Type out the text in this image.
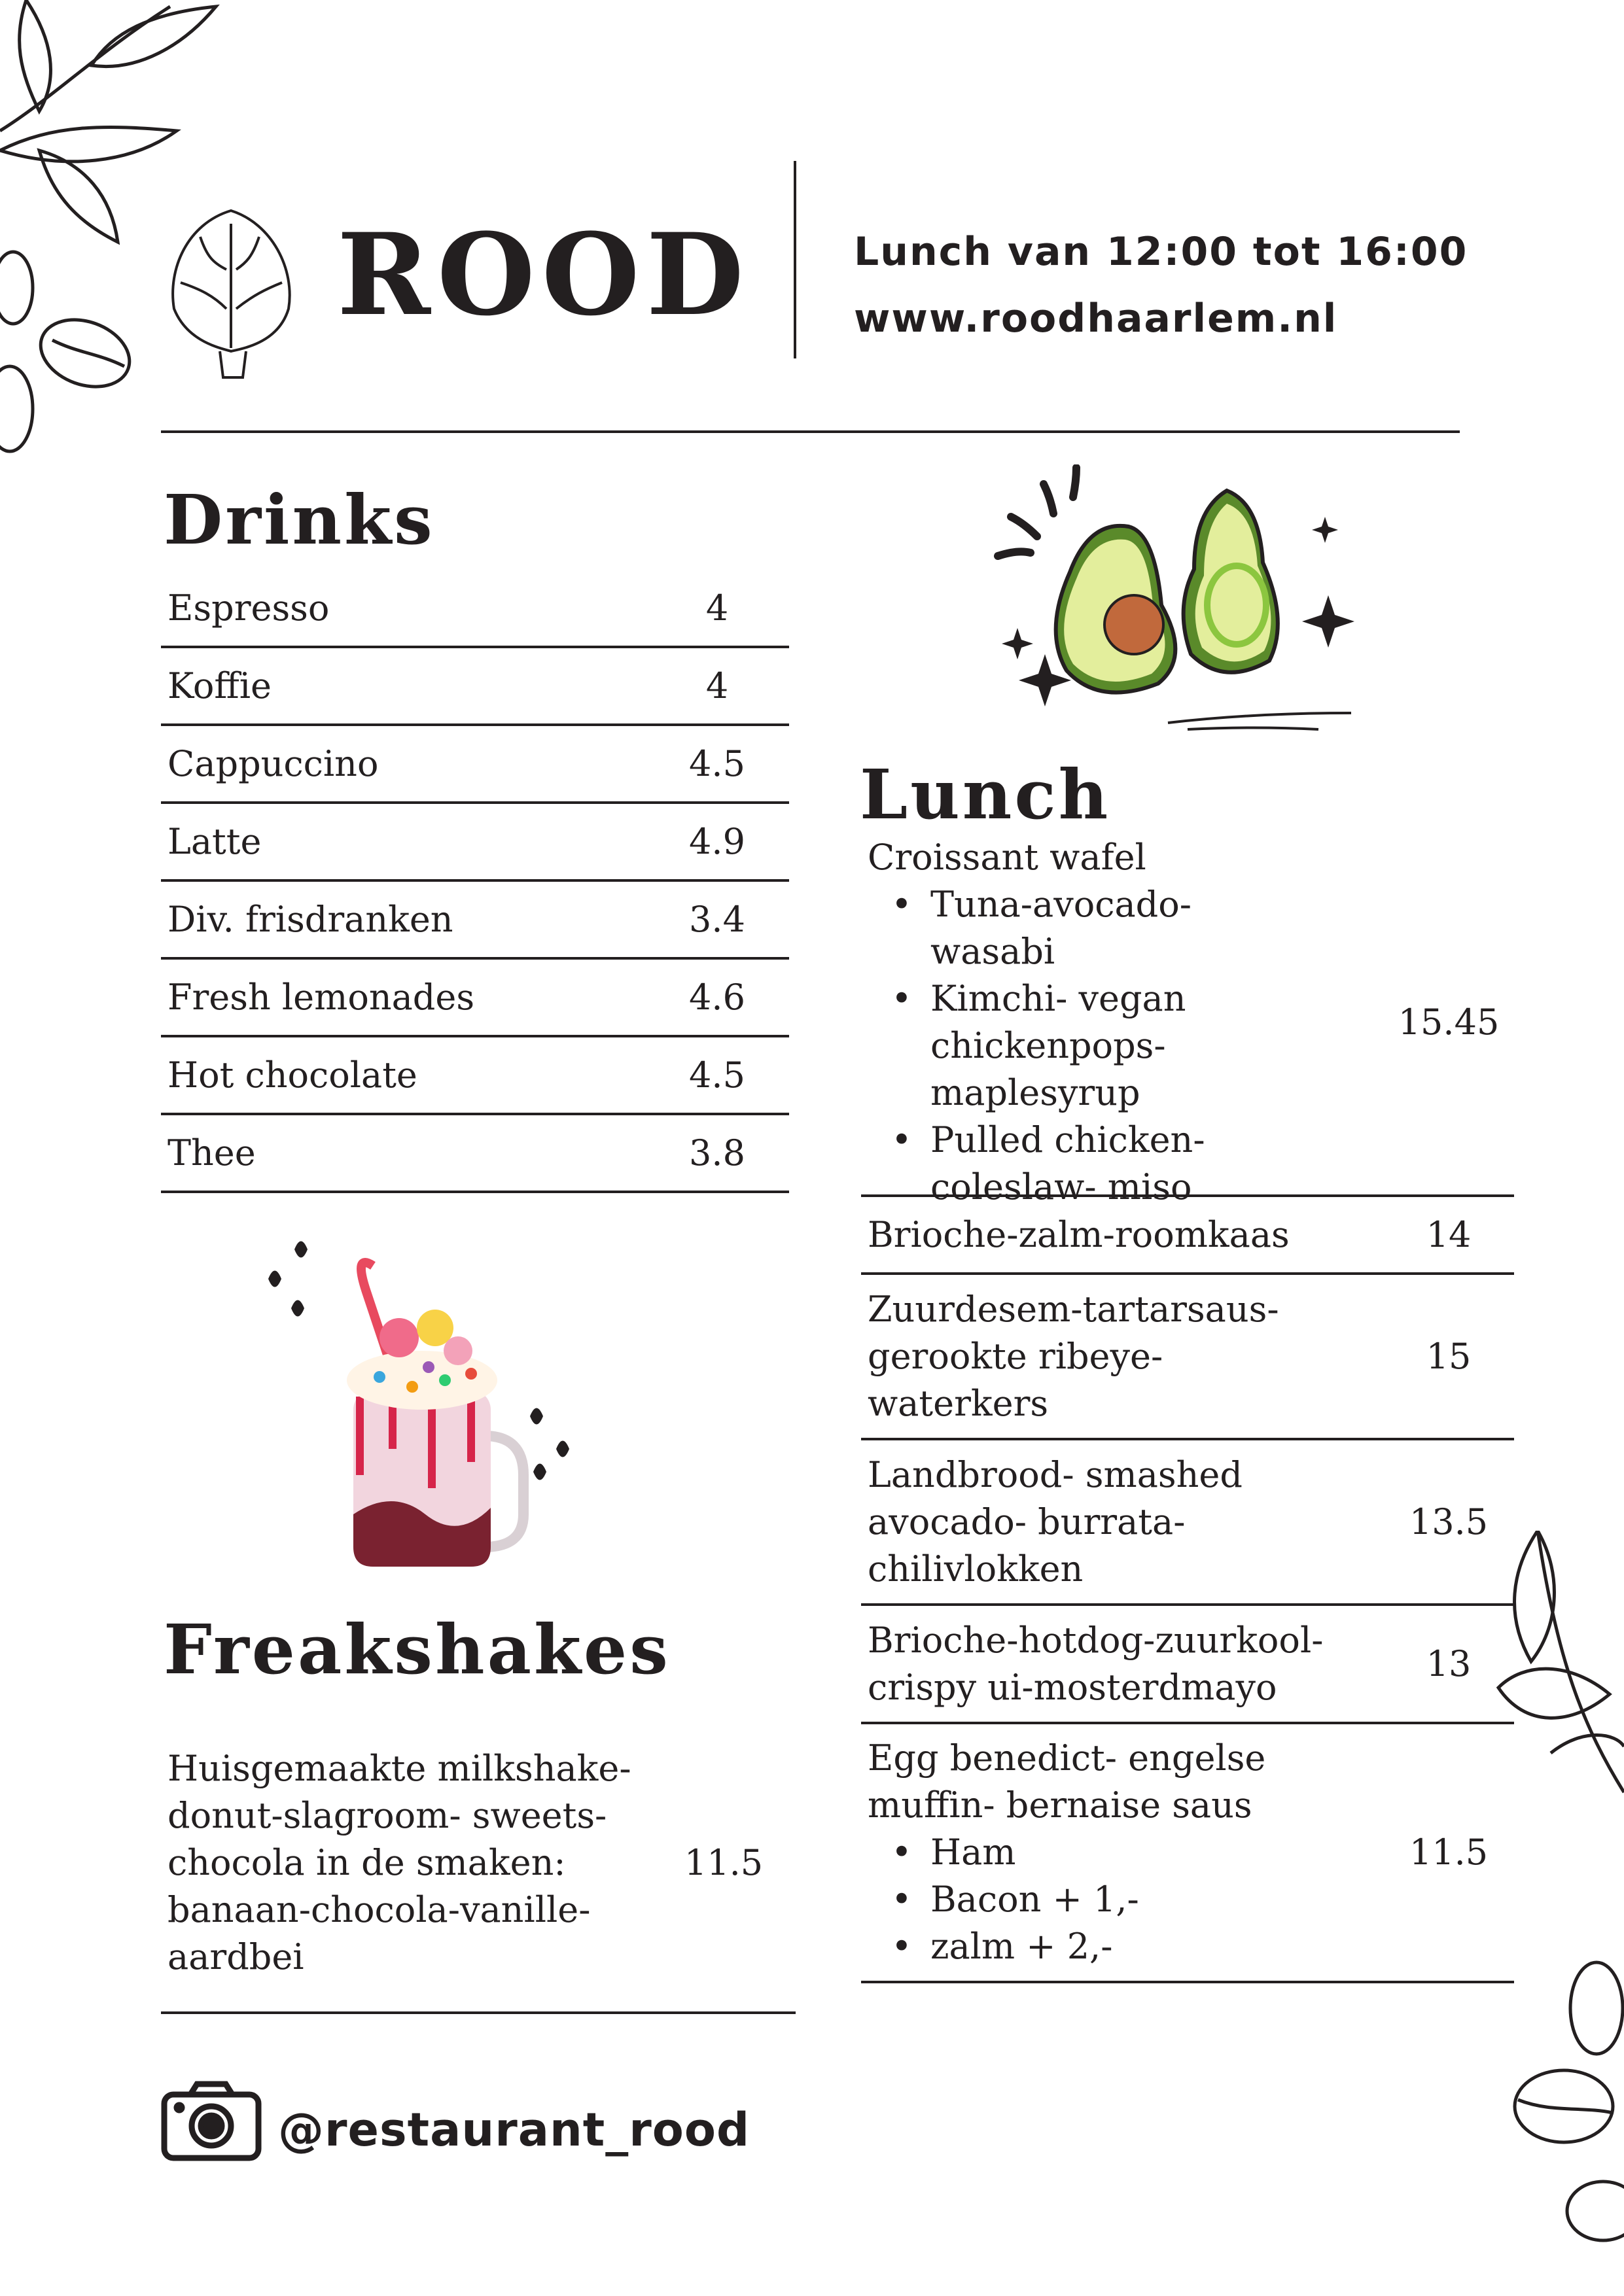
ROOD	Lunch van 12:00 tot 16:00
www.roodhaarlem.nl
Drinks
Espresso	4
Koffie	4
Cappuccino	4.5
Latte	4.9
Div. frisdranken	3.4
Fresh lemonades	4.6
Hot chocolate	4.5
Thee	3.8
Freakshakes
Huisgemaakte milkshake-donut-slagroom- sweets-chocola in de smaken: banaan-chocola-vanille-aardbei
11.5
@restaurant_rood
Lunch
Croissant wafel
• Tuna-avocado-wasabi
• Kimchi- vegan chickenpops-maplesyrup
• Pulled chicken-coleslaw- miso
15.45
Brioche-zalm-roomkaas	14
Zuurdesem-tartarsaus-gerookte ribeye-waterkers
15
Landbrood- smashed avocado- burrata-chilivlokken
13.5
Brioche-hotdog-zuurkool-crispy ui-mosterdmayo
13
Egg benedict- engelse muffin- bernaise saus
• Ham
• Bacon + 1,-
• zalm + 2,-
11.5
